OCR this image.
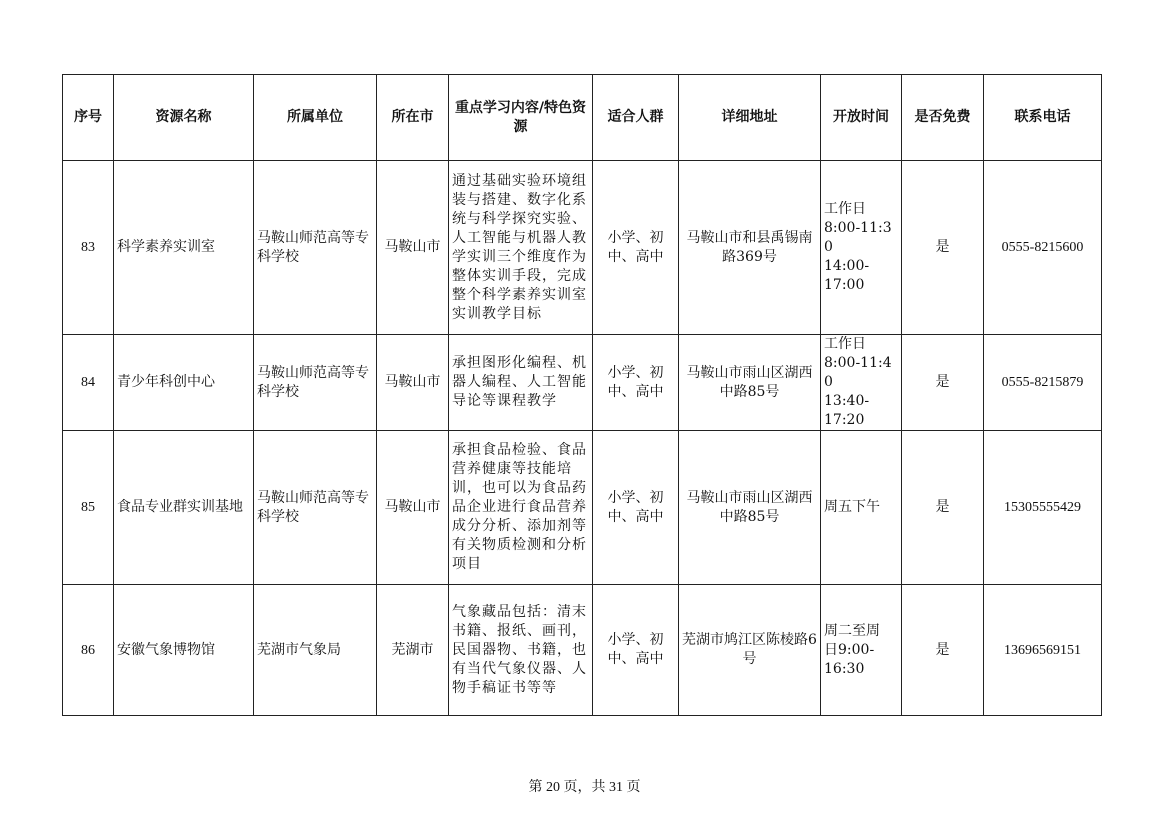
序号	资源名称	所属单位	所在市	重点学习内容/特色资源	适合人群	详细地址	开放时间	是否免费	联系电话
83	科学素养实训室	马鞍山师范高等专科学校	马鞍山市	通过基础实验环境组装与搭建、数字化系统与科学探究实验、人工智能与机器人教学实训三个维度作为整体实训手段，完成整个科学素养实训室实训教学目标	小学、初中、高中	马鞍山市和县禹锡南路369号	工作日
8:00-11:30
14:00-
17:00	是	0555-8215600
84	青少年科创中心	马鞍山师范高等专科学校	马鞍山市	承担图形化编程、机器人编程、人工智能导论等课程教学	小学、初中、高中	马鞍山市雨山区湖西中路85号	工作日
8:00-11:40
13:40-
17:20	是	0555-8215879
85	食品专业群实训基地	马鞍山师范高等专科学校	马鞍山市	承担食品检验、食品营养健康等技能培训，也可以为食品药品企业进行食品营养成分分析、添加剂等有关物质检测和分析项目	小学、初中、高中	马鞍山市雨山区湖西中路85号	周五下午	是	15305555429
86	安徽气象博物馆	芜湖市气象局	芜湖市	气象藏品包括：清末书籍、报纸、画刊，民国器物、书籍，也有当代气象仪器、人物手稿证书等等	小学、初中、高中	芜湖市鸠江区陈棱路6号	周二至周
日9:00-
16:30	是	13696569151
第 20 页，共 31 页
